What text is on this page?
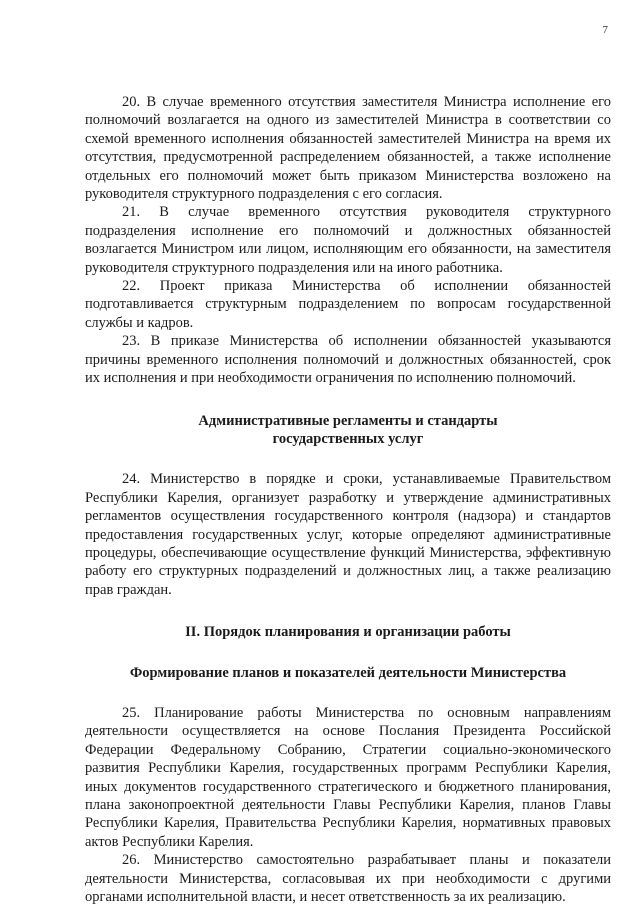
7

20. В случае временного отсутствия заместителя Министра исполнение его полномочий возлагается на одного из заместителей Министра в соответствии со схемой временного исполнения обязанностей заместителей Министра на время их отсутствия, предусмотренной распределением обязанностей, а также исполнение отдельных его полномочий может быть приказом Министерства возложено на руководителя структурного подразделения с его согласия.

21. В случае временного отсутствия руководителя структурного подразделения исполнение его полномочий и должностных обязанностей возлагается Министром или лицом, исполняющим его обязанности, на заместителя руководителя структурного подразделения или на иного работника.

22. Проект приказа Министерства об исполнении обязанностей подготавливается структурным подразделением по вопросам государственной службы и кадров.

23. В приказе Министерства об исполнении обязанностей указываются причины временного исполнения полномочий и должностных обязанностей, срок их исполнения и при необходимости ограничения по исполнению полномочий.

Административные регламенты и стандарты
государственных услуг

24. Министерство в порядке и сроки, устанавливаемые Правительством Республики Карелия, организует разработку и утверждение административных регламентов осуществления государственного контроля (надзора) и стандартов предоставления государственных услуг, которые определяют административные процедуры, обеспечивающие осуществление функций Министерства, эффективную работу его структурных подразделений и должностных лиц, а также реализацию прав граждан.

II. Порядок планирования и организации работы
Формирование планов и показателей деятельности Министерства

25. Планирование работы Министерства по основным направлениям деятельности осуществляется на основе Послания Президента Российской Федерации Федеральному Собранию, Стратегии социально-экономического развития Республики Карелия, государственных программ Республики Карелия, иных документов государственного стратегического и бюджетного планирования, плана законопроектной деятельности Главы Республики Карелия, планов Главы Республики Карелия, Правительства Республики Карелия, нормативных правовых актов Республики Карелия.

26. Министерство самостоятельно разрабатывает планы и показатели деятельности Министерства, согласовывая их при необходимости с другими органами исполнительной власти, и несет ответственность за их реализацию.
